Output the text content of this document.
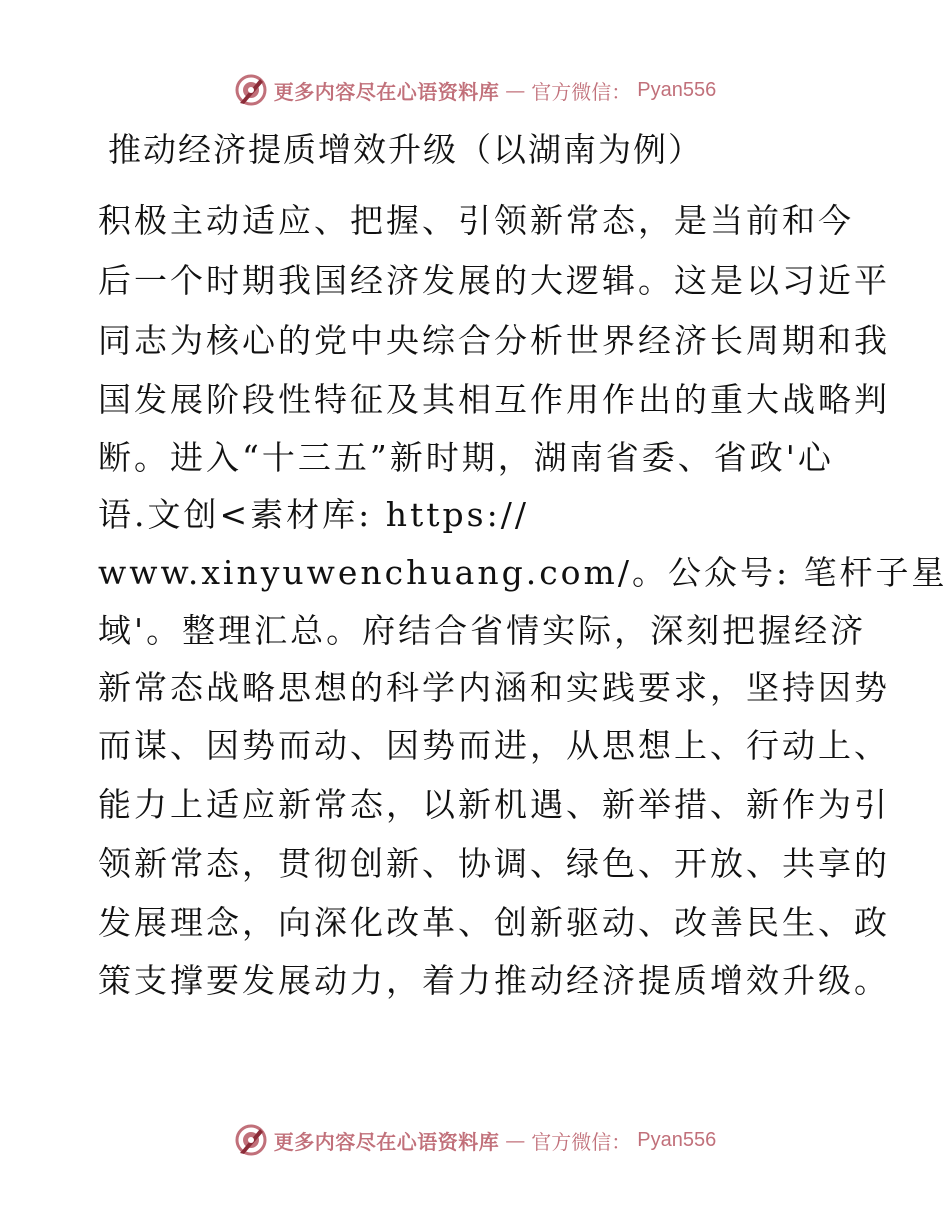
更多内容尽在心语资料库 — 官方微信： Pyan556
推动经济提质增效升级（以湖南为例）
积极主动适应、把握、引领新常态，是当前和今
后一个时期我国经济发展的大逻辑。这是以习近平
同志为核心的党中央综合分析世界经济长周期和我
国发展阶段性特征及其相互作用作出的重大战略判
断。进入“十三五”新时期，湖南省委、省政'心
语.文创<素材库: https://
www.xinyuwenchuang.com/。公众号: 笔杆子星
域'。整理汇总。府结合省情实际，深刻把握经济
新常态战略思想的科学内涵和实践要求，坚持因势
而谋、因势而动、因势而进，从思想上、行动上、
能力上适应新常态，以新机遇、新举措、新作为引
领新常态，贯彻创新、协调、绿色、开放、共享的
发展理念，向深化改革、创新驱动、改善民生、政
策支撑要发展动力，着力推动经济提质增效升级。
更多内容尽在心语资料库 — 官方微信： Pyan556
